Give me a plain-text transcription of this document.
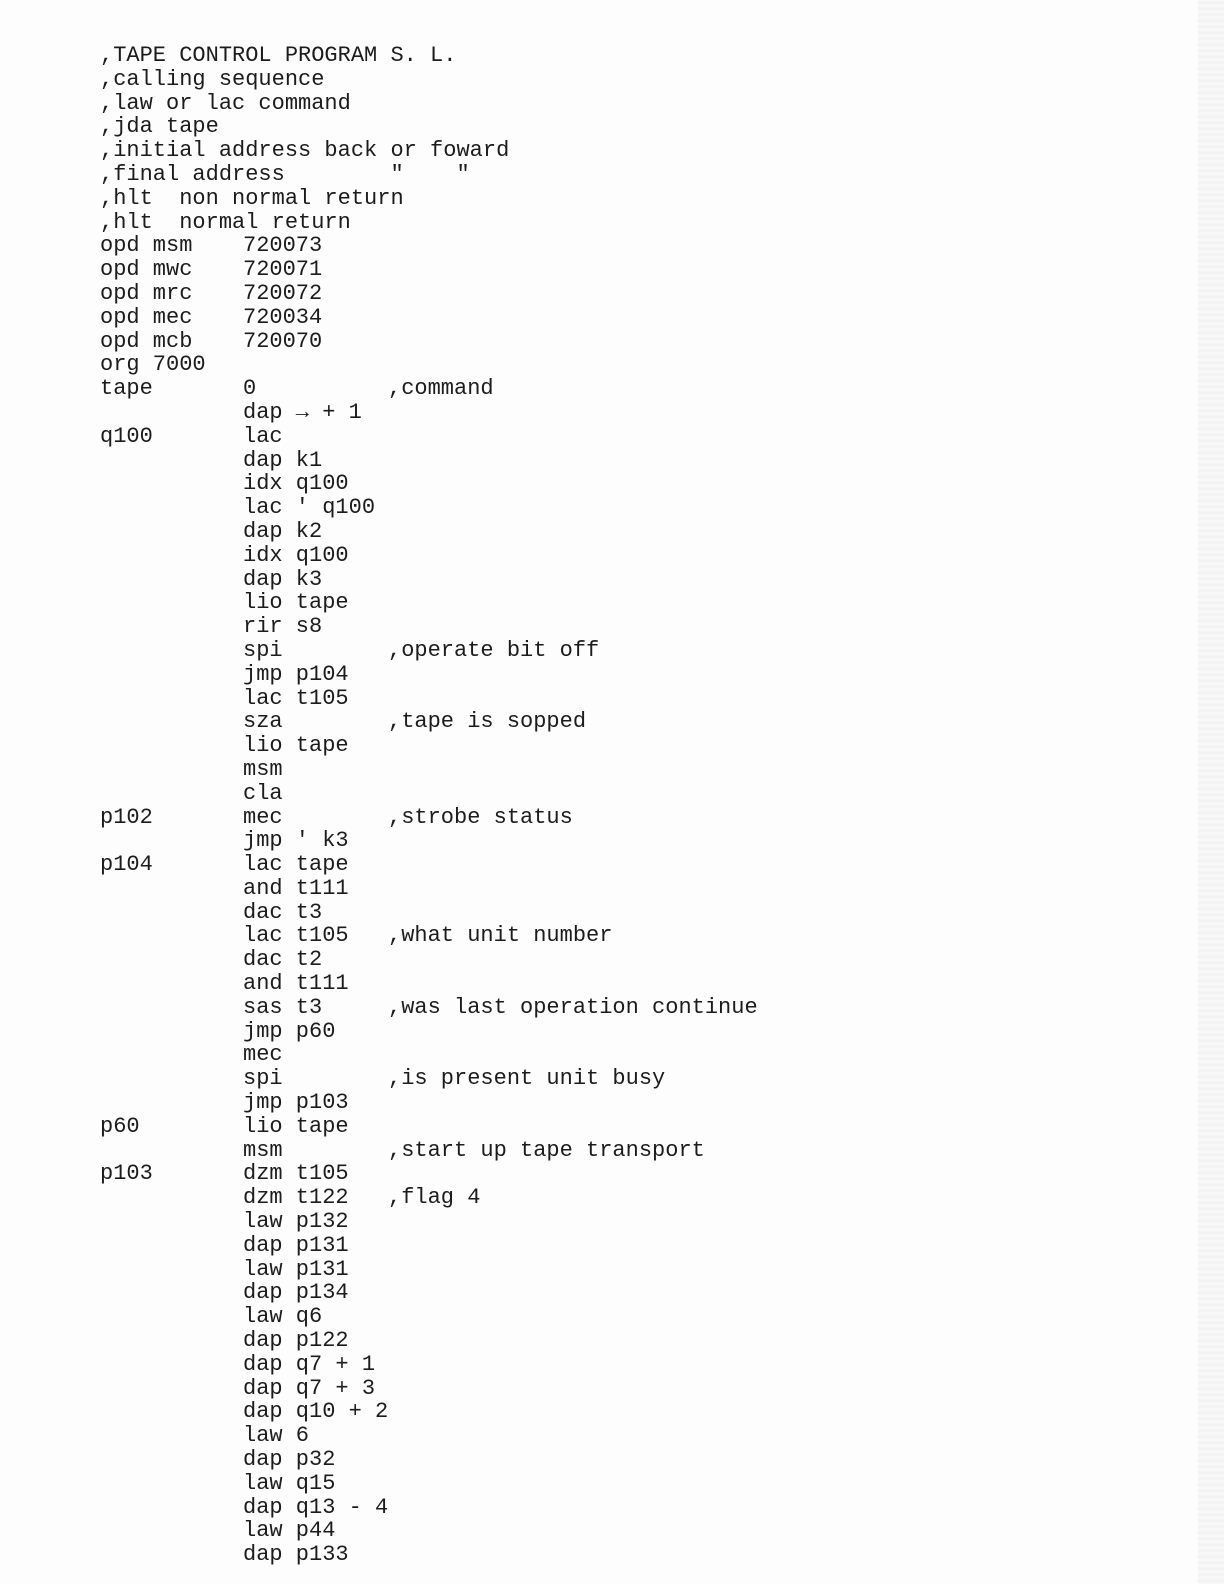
,TAPE CONTROL PROGRAM S. L.
,calling sequence
,law or lac command
,jda tape
,initial address back or foward
,final address        "    "
,hlt  non normal return
,hlt  normal return
opd msm 720073
opd mwc 720071
opd mrc 720072
opd mec 720034
opd mcb 720070
org 7000
tape	0	,command
dap → + 1
q100	lac
dap k1
idx q100
lac ' q100
dap k2
idx q100
dap k3
lio tape
rir s8
spi	,operate bit off
jmp p104
lac t105
sza	,tape is sopped
lio tape
msm
cla
p102	mec	,strobe status
jmp ' k3
p104	lac tape
and t111
dac t3
lac t105 ,what unit number
dac t2
and t111
sas t3	,was last operation continue
jmp p60
mec
spi	,is present unit busy
jmp p103
p60	lio tape
msm	,start up tape transport
p103	dzm t105
dzm t122 ,flag 4
law p132
dap p131
law p131
dap p134
law q6
dap p122
dap q7 + 1
dap q7 + 3
dap q10 + 2
law 6
dap p32
law q15
dap q13 - 4
law p44
dap p133
